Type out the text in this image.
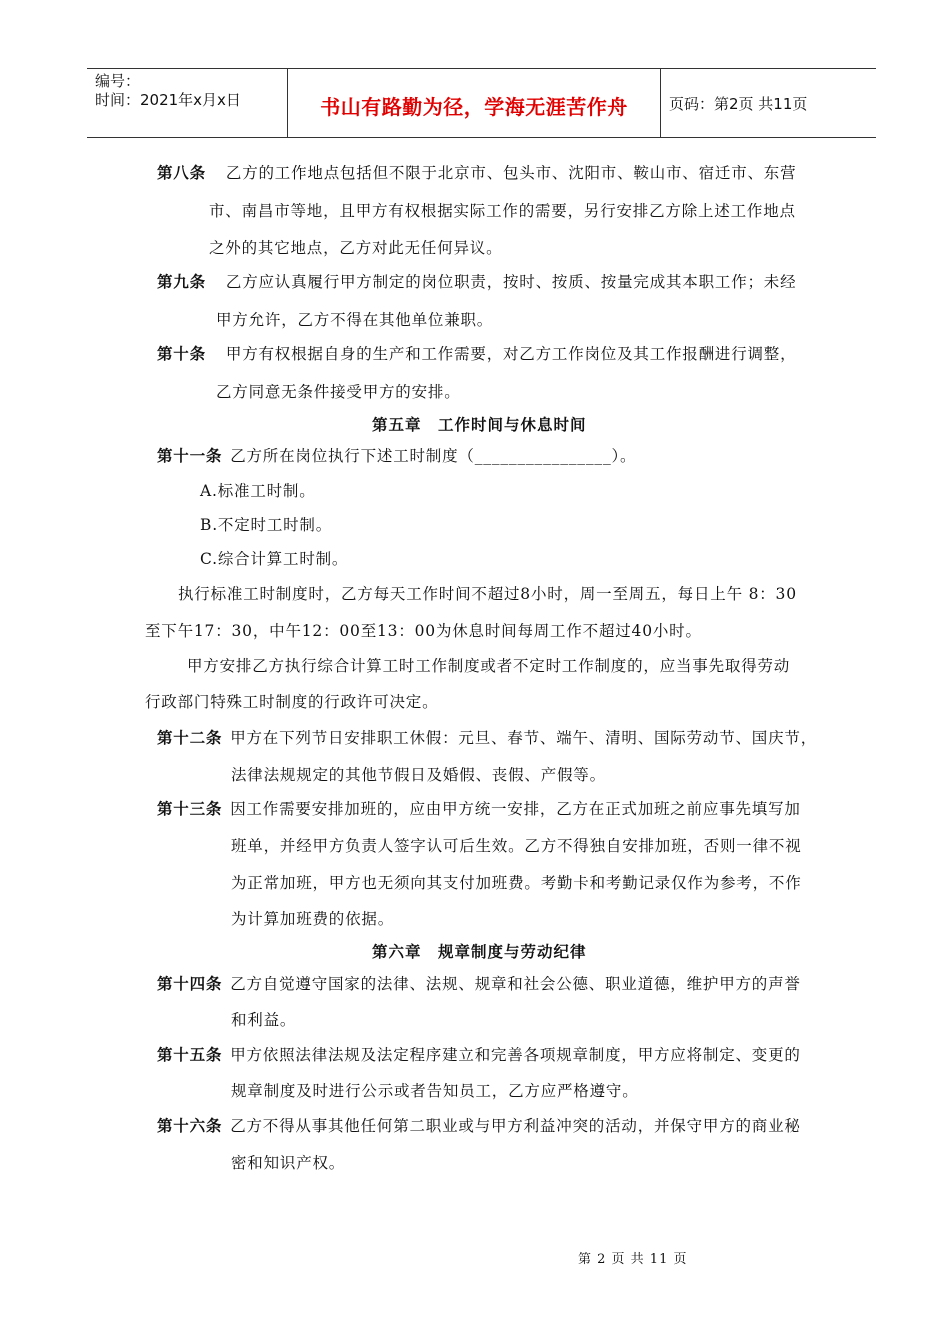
编号：
时间：2021年x月x日	书山有路勤为径，学海无涯苦作舟	页码：第2页 共11页
第八条 乙方的工作地点包括但不限于北京市、包头市、沈阳市、鞍山市、宿迁市、东营
市、南昌市等地，且甲方有权根据实际工作的需要，另行安排乙方除上述工作地点
之外的其它地点，乙方对此无任何异议。
第九条 乙方应认真履行甲方制定的岗位职责，按时、按质、按量完成其本职工作；未经
甲方允许，乙方不得在其他单位兼职。
第十条 甲方有权根据自身的生产和工作需要，对乙方工作岗位及其工作报酬进行调整，
乙方同意无条件接受甲方的安排。
第五章　工作时间与休息时间
第十一条 乙方所在岗位执行下述工时制度（________________）。
A.标准工时制。
B.不定时工时制。
C.综合计算工时制。
执行标准工时制度时，乙方每天工作时间不超过8小时，周一至周五，每日上午 8：30
至下午17：30，中午12：00至13：00为休息时间每周工作不超过40小时。
甲方安排乙方执行综合计算工时工作制度或者不定时工作制度的，应当事先取得劳动
行政部门特殊工时制度的行政许可决定。
第十二条 甲方在下列节日安排职工休假：元旦、春节、端午、清明、国际劳动节、国庆节，
法律法规规定的其他节假日及婚假、丧假、产假等。
第十三条 因工作需要安排加班的，应由甲方统一安排，乙方在正式加班之前应事先填写加
班单，并经甲方负责人签字认可后生效。乙方不得独自安排加班，否则一律不视
为正常加班，甲方也无须向其支付加班费。考勤卡和考勤记录仅作为参考，不作
为计算加班费的依据。
第六章　规章制度与劳动纪律
第十四条 乙方自觉遵守国家的法律、法规、规章和社会公德、职业道德，维护甲方的声誉
和利益。
第十五条 甲方依照法律法规及法定程序建立和完善各项规章制度，甲方应将制定、变更的
规章制度及时进行公示或者告知员工，乙方应严格遵守。
第十六条 乙方不得从事其他任何第二职业或与甲方利益冲突的活动，并保守甲方的商业秘
密和知识产权。
第 2 页 共 11 页
